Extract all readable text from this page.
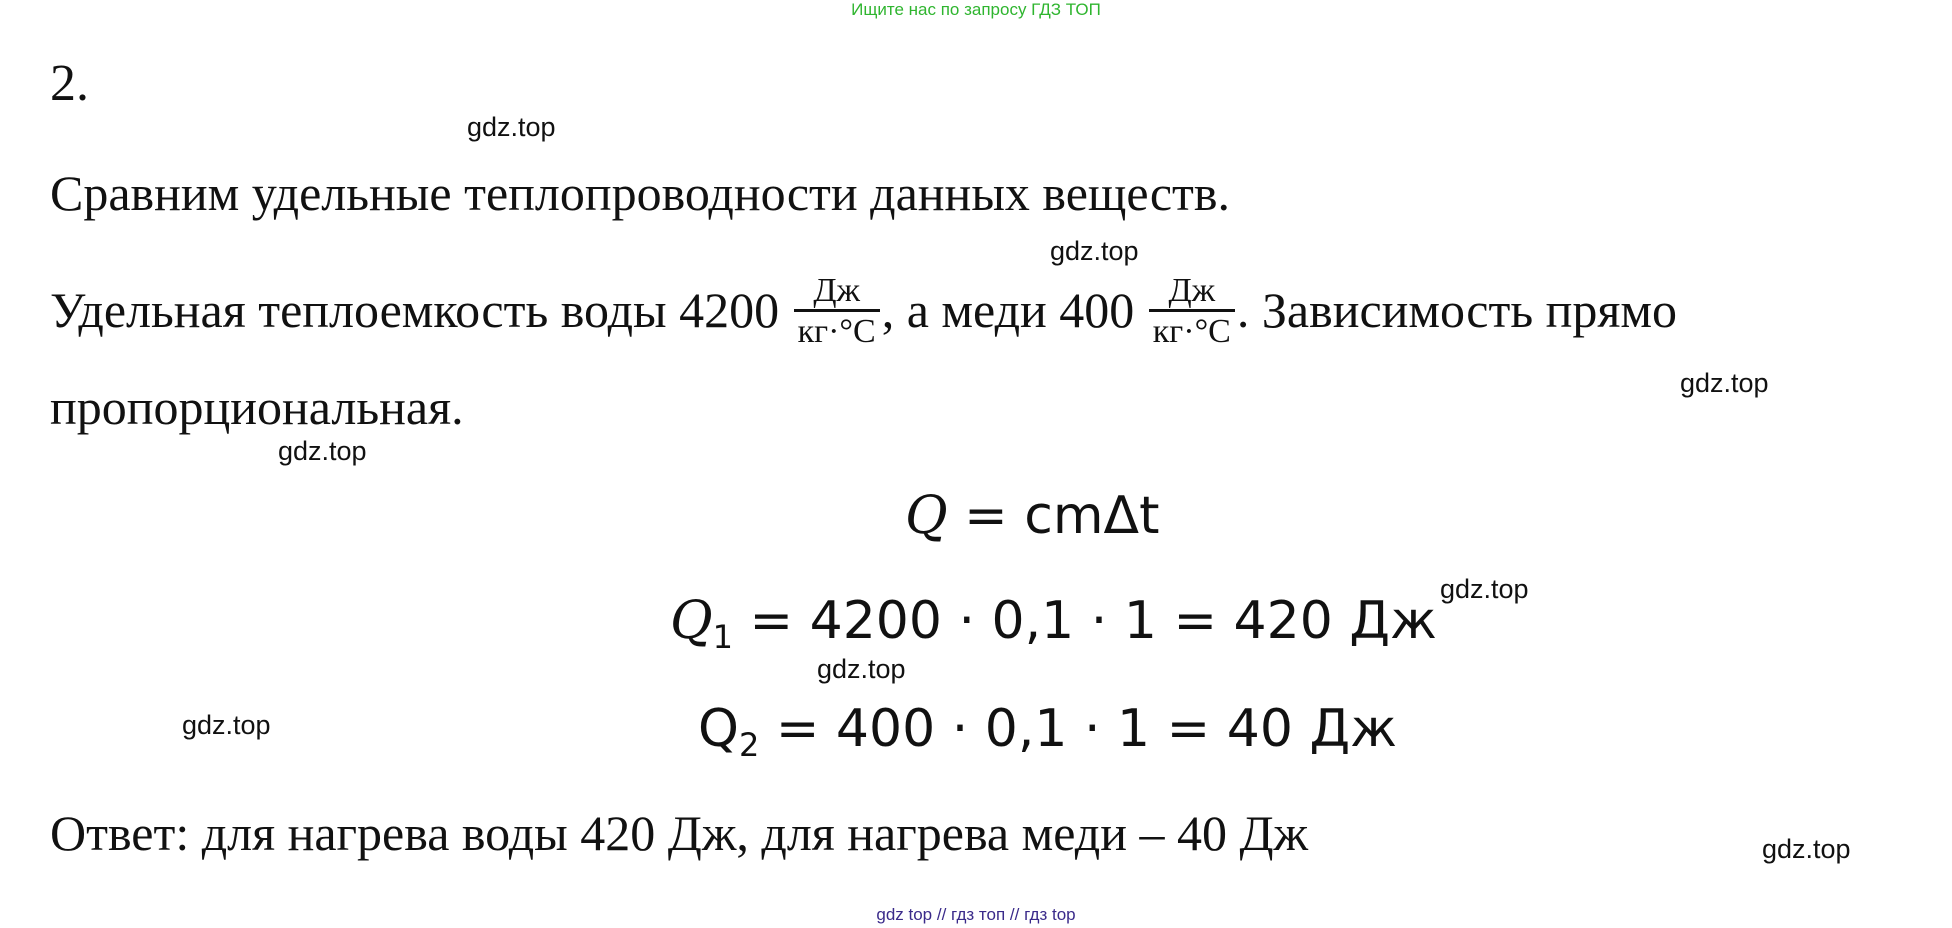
Ищите нас по запросу ГДЗ ТОП
2.
gdz.top
Сравним удельные теплопроводности данных веществ.
gdz.top
Удельная теплоемкость воды $4200 \frac{Дж}{кг\cdot^\circ С}$ , а меди $400 \frac{Дж}{кг\cdot^\circ С}$ . Зависимость прямо
gdz.top
пропорциональная.
gdz.top
Q = cmΔt
gdz.top
$Q_1 = 4200 \cdot 0,1 \cdot 1 = 420$ Дж
gdz.top
gdz.top	$Q_2 = 400 \cdot 0,1 \cdot 1 = 40$ Дж
Ответ: для нагрева воды 420 Дж, для нагрева меди – 40 Дж	gdz.top
gdz top // гдз топ // гдз top
